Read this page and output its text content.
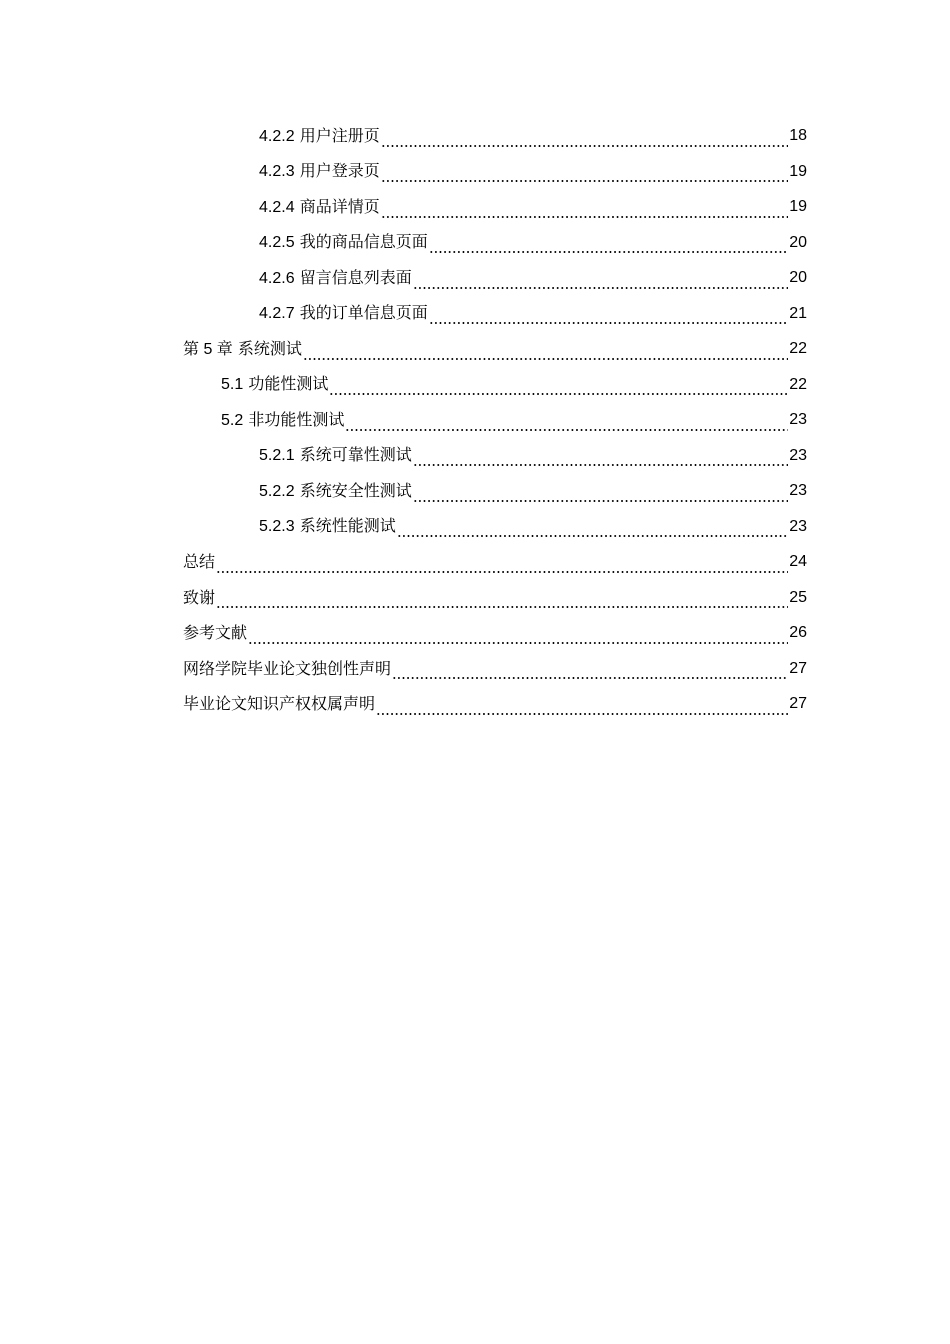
4.2.2 用户注册页	18
4.2.3 用户登录页	19
4.2.4 商品详情页	19
4.2.5 我的商品信息页面	20
4.2.6 留言信息列表面	20
4.2.7 我的订单信息页面	21
第 5 章 系统测试	22
5.1 功能性测试	22
5.2 非功能性测试	23
5.2.1 系统可靠性测试	23
5.2.2 系统安全性测试	23
5.2.3 系统性能测试	23
总结	24
致谢	25
参考文献	26
网络学院毕业论文独创性声明	27
毕业论文知识产权权属声明	27
